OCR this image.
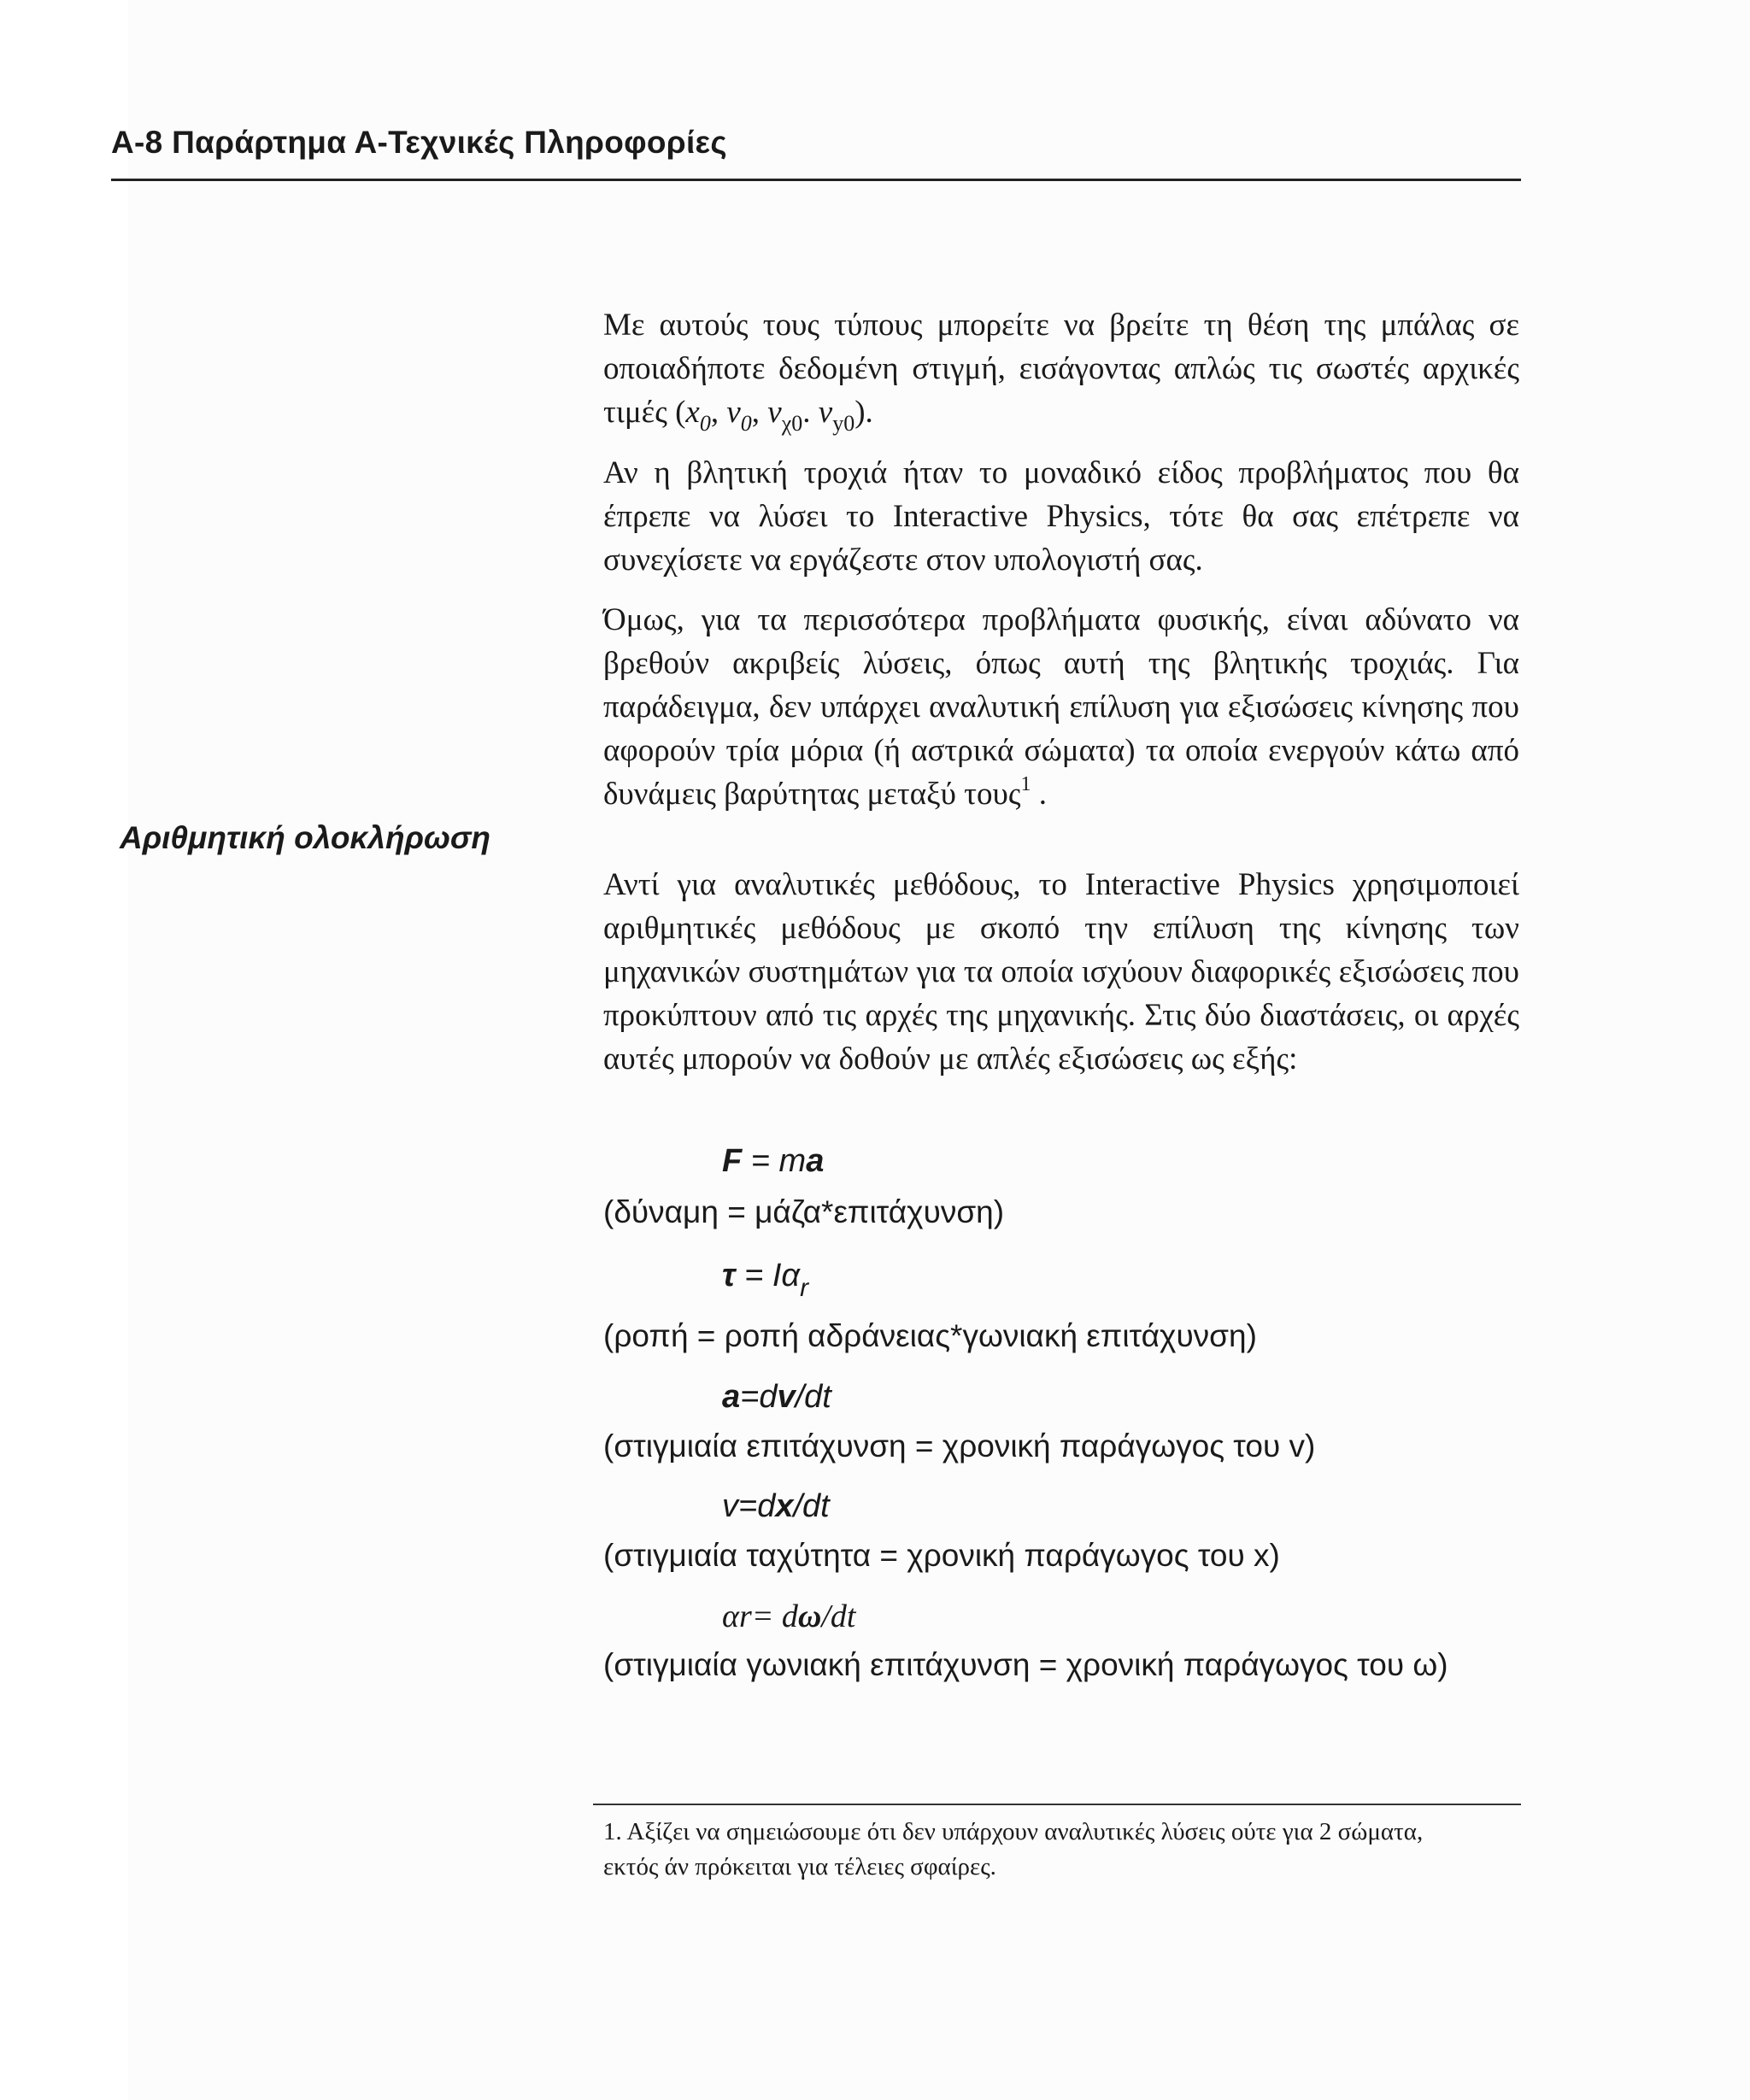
A-8 Παράρτημα Α-Τεχνικές Πληροφορίες
Αριθμητική ολοκλήρωση

Με αυτούς τους τύπους μπορείτε να βρείτε τη θέση της μπάλας σε οποιαδήποτε δεδομένη στιγμή, εισάγοντας απλώς τις σωστές αρχικές τιμές ($x_0$, $v_0$, $v_{\chi 0}$. $v_{y0}$).

Αν η βλητική τροχιά ήταν το μοναδικό είδος προβλήματος που θα έπρεπε να λύσει το Interactive Physics, τότε θα σας επέτρεπε να συνεχίσετε να εργάζεστε στον υπολογιστή σας.

Όμως, για τα περισσότερα προβλήματα φυσικής, είναι αδύνατο να βρεθούν ακριβείς λύσεις, όπως αυτή της βλητικής τροχιάς. Για παράδειγμα, δεν υπάρχει αναλυτική επίλυση για εξισώσεις κίνησης που αφορούν τρία μόρια (ή αστρικά σώματα) τα οποία ενεργούν κάτω από δυνάμεις βαρύτητας μεταξύ τους$^1$ .

Αντί για αναλυτικές μεθόδους, το Interactive Physics χρησιμοποιεί αριθμητικές μεθόδους με σκοπό την επίλυση της κίνησης των μηχανικών συστημάτων για τα οποία ισχύουν διαφορικές εξισώσεις που προκύπτουν από τις αρχές της μηχανικής. Στις δύο διαστάσεις, οι αρχές αυτές μπορούν να δοθούν με απλές εξισώσεις ως εξής:

F = ma
(δύναμη = μάζα*επιτάχυνση)
$\tau = I\alpha_r$
(ροπή = ροπή αδράνειας*γωνιακή επιτάχυνση)
a=dv/dt
(στιγμιαία επιτάχυνση = χρονική παράγωγος του v)
v=dx/dt
(στιγμιαία ταχύτητα = χρονική παράγωγος του x)
αr= dω/dt
(στιγμιαία γωνιακή επιτάχυνση = χρονική παράγωγος του ω)
1. Αξίζει να σημειώσουμε ότι δεν υπάρχουν αναλυτικές λύσεις ούτε για 2 σώματα, εκτός άν πρόκειται για τέλειες σφαίρες.
